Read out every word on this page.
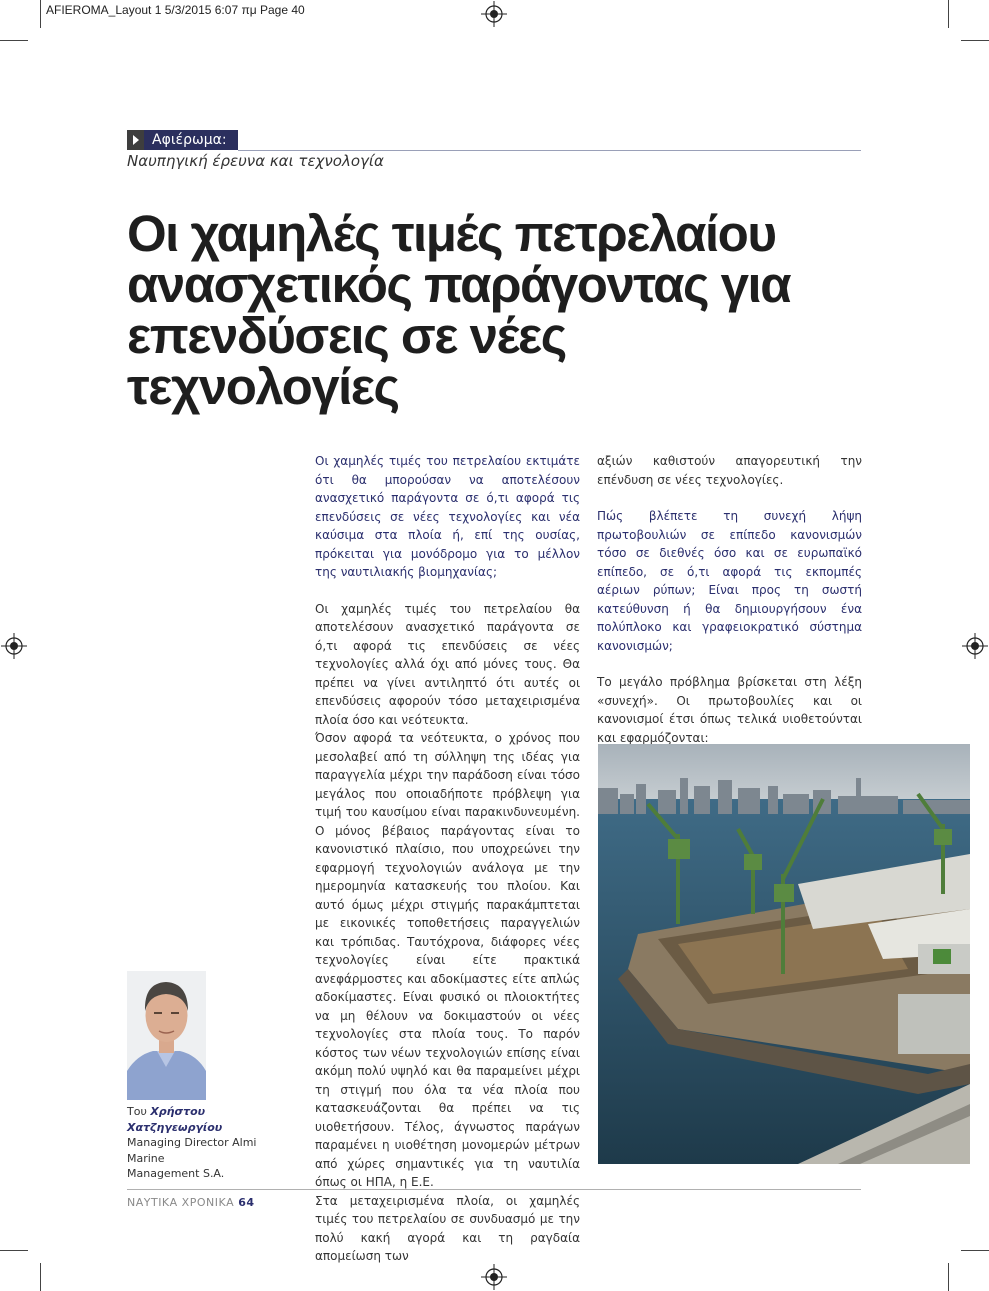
AFIEROMA_Layout 1 5/3/2015 6:07 πμ Page 40
Αφιέρωμα:
Ναυπηγική έρευνα και τεχνολογία
Οι χαμηλές τιμές πετρελαίου ανασχετικός παράγοντας για επενδύσεις σε νέες τεχνολογίες

Οι χαμηλές τιμές του πετρελαίου εκτιμάτε ότι θα μπορούσαν να αποτελέσουν ανασχετικό παράγοντα σε ό,τι αφορά τις επενδύσεις σε νέες τεχνολογίες και νέα καύσιμα στα πλοία ή, επί της ουσίας, πρόκειται για μονόδρομο για το μέλλον της ναυτιλιακής βιομηχανίας;

Οι χαμηλές τιμές του πετρελαίου θα αποτελέσουν ανασχετικό παράγοντα σε ό,τι αφορά τις επενδύσεις σε νέες τεχνολογίες αλλά όχι από μόνες τους. Θα πρέπει να γίνει αντιληπτό ότι αυτές οι επενδύσεις αφορούν τόσο μεταχειρισμένα πλοία όσο και νεότευκτα.

Όσον αφορά τα νεότευκτα, ο χρόνος που μεσολαβεί από τη σύλληψη της ιδέας για παραγγελία μέχρι την παράδοση είναι τόσο μεγάλος που οποιαδήποτε πρόβλεψη για τιμή του καυσίμου είναι παρακινδυνευμένη. Ο μόνος βέβαιος παράγοντας είναι το κανονιστικό πλαίσιο, που υποχρεώνει την εφαρμογή τεχνολογιών ανάλογα με την ημερομηνία κατασκευής του πλοίου. Και αυτό όμως μέχρι στιγμής παρακάμπτεται με εικονικές τοποθετήσεις παραγγελιών και τρόπιδας. Ταυτόχρονα, διάφορες νέες τεχνολογίες είναι είτε πρακτικά ανεφάρμοστες και αδοκίμαστες είτε απλώς αδοκίμαστες. Είναι φυσικό οι πλοιοκτήτες να μη θέλουν να δοκιμαστούν οι νέες τεχνολογίες στα πλοία τους. Το παρόν κόστος των νέων τεχνολογιών επίσης είναι ακόμη πολύ υψηλό και θα παραμείνει μέχρι τη στιγμή που όλα τα νέα πλοία που κατασκευάζονται θα πρέπει να τις υιοθετήσουν. Τέλος, άγνωστος παράγων παραμένει η υιοθέτηση μονομερών μέτρων από χώρες σημαντικές για τη ναυτιλία όπως οι ΗΠΑ, η Ε.Ε.

Στα μεταχειρισμένα πλοία, οι χαμηλές τιμές του πετρελαίου σε συνδυασμό με την πολύ κακή αγορά και τη ραγδαία απομείωση των

αξιών καθιστούν απαγορευτική την επένδυση σε νέες τεχνολογίες.

Πώς βλέπετε τη συνεχή λήψη πρωτοβουλιών σε επίπεδο κανονισμών τόσο σε διεθνές όσο και σε ευρωπαϊκό επίπεδο, σε ό,τι αφορά τις εκπομπές αέριων ρύπων; Είναι προς τη σωστή κατεύθυνση ή θα δημιουργήσουν ένα πολύπλοκο και γραφειοκρατικό σύστημα κανονισμών;

Το μεγάλο πρόβλημα βρίσκεται στη λέξη «συνεχή». Οι πρωτοβουλίες και οι κανονισμοί έτσι όπως τελικά υιοθετούνται και εφαρμόζονται:

Του Χρήστου Χατζηγεωργίου
Managing Director Almi Marine
Management S.A.
ΝΑΥΤΙΚΑ ΧΡΟΝΙΚΑ 64
